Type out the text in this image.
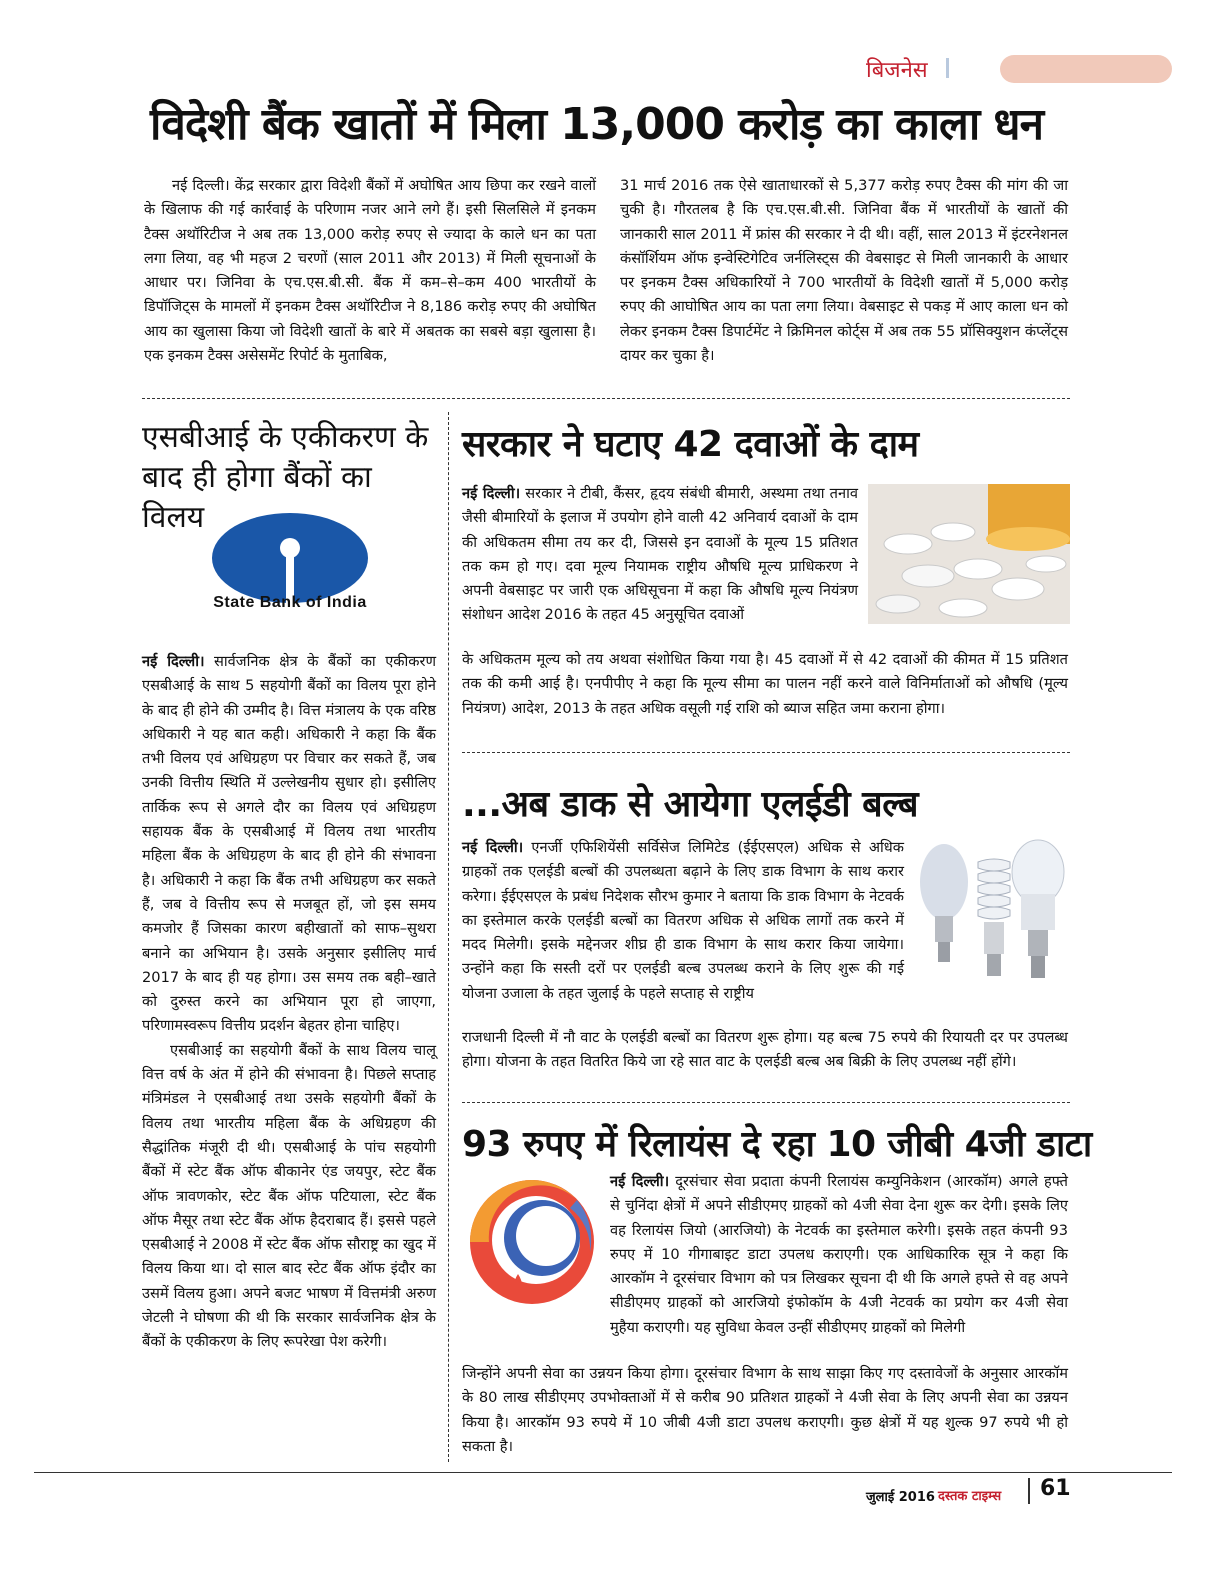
बिजनेस
विदेशी बैंक खातों में मिला 13,000 करोड़ का काला धन

नई दिल्ली। केंद्र सरकार द्वारा विदेशी बैंकों में अघोषित आय छिपा कर रखने वालों के खिलाफ की गई कार्रवाई के परिणाम नजर आने लगे हैं। इसी सिलसिले में इनकम टैक्स अथॉरिटीज ने अब तक 13,000 करोड़ रुपए से ज्यादा के काले धन का पता लगा लिया, वह भी महज 2 चरणों (साल 2011 और 2013) में मिली सूचनाओं के आधार पर। जिनिवा के एच.एस.बी.सी. बैंक में कम–से–कम 400 भारतीयों के डिपॉजिट्स के मामलों में इनकम टैक्स अथॉरिटीज ने 8,186 करोड़ रुपए की अघोषित आय का खुलासा किया जो विदेशी खातों के बारे में अबतक का सबसे बड़ा खुलासा है। एक इनकम टैक्स असेसमेंट रिपोर्ट के मुताबिक,

31 मार्च 2016 तक ऐसे खाताधारकों से 5,377 करोड़ रुपए टैक्स की मांग की जा चुकी है। गौरतलब है कि एच.एस.बी.सी. जिनिवा बैंक में भारतीयों के खातों की जानकारी साल 2011 में फ्रांस की सरकार ने दी थी। वहीं, साल 2013 में इंटरनेशनल कंसॉर्शियम ऑफ इन्वेस्टिगेटिव जर्नलिस्ट्स की वेबसाइट से मिली जानकारी के आधार पर इनकम टैक्स अधिकारियों ने 700 भारतीयों के विदेशी खातों में 5,000 करोड़ रुपए की आघोषित आय का पता लगा लिया। वेबसाइट से पकड़ में आए काला धन को लेकर इनकम टैक्स डिपार्टमेंट ने क्रिमिनल कोर्ट्स में अब तक 55 प्रॉसिक्युशन कंप्लेंट्स दायर कर चुका है।

एसबीआई के एकीकरण के बाद ही होगा बैंकों का विलय
State Bank of India

नई दिल्ली। सार्वजनिक क्षेत्र के बैंकों का एकीकरण एसबीआई के साथ 5 सहयोगी बैंकों का विलय पूरा होने के बाद ही होने की उम्मीद है। वित्त मंत्रालय के एक वरिष्ठ अधिकारी ने यह बात कही। अधिकारी ने कहा कि बैंक तभी विलय एवं अधिग्रहण पर विचार कर सकते हैं, जब उनकी वित्तीय स्थिति में उल्लेखनीय सुधार हो। इसीलिए तार्किक रूप से अगले दौर का विलय एवं अधिग्रहण सहायक बैंक के एसबीआई में विलय तथा भारतीय महिला बैंक के अधिग्रहण के बाद ही होने की संभावना है। अधिकारी ने कहा कि बैंक तभी अधिग्रहण कर सकते हैं, जब वे वित्तीय रूप से मजबूत हों, जो इस समय कमजोर हैं जिसका कारण बहीखातों को साफ–सुथरा बनाने का अभियान है। उसके अनुसार इसीलिए मार्च 2017 के बाद ही यह होगा। उस समय तक बही–खाते को दुरुस्त करने का अभियान पूरा हो जाएगा, परिणामस्वरूप वित्तीय प्रदर्शन बेहतर होना चाहिए।

एसबीआई का सहयोगी बैंकों के साथ विलय चालू वित्त वर्ष के अंत में होने की संभावना है। पिछले सप्ताह मंत्रिमंडल ने एसबीआई तथा उसके सहयोगी बैंकों के विलय तथा भारतीय महिला बैंक के अधिग्रहण की सैद्धांतिक मंजूरी दी थी। एसबीआई के पांच सहयोगी बैंकों में स्टेट बैंक ऑफ बीकानेर एंड जयपुर, स्टेट बैंक ऑफ त्रावणकोर, स्टेट बैंक ऑफ पटियाला, स्टेट बैंक ऑफ मैसूर तथा स्टेट बैंक ऑफ हैदराबाद हैं। इससे पहले एसबीआई ने 2008 में स्टेट बैंक ऑफ सौराष्ट्र का खुद में विलय किया था। दो साल बाद स्टेट बैंक ऑफ इंदौर का उसमें विलय हुआ। अपने बजट भाषण में वित्तमंत्री अरुण जेटली ने घोषणा की थी कि सरकार सार्वजनिक क्षेत्र के बैंकों के एकीकरण के लिए रूपरेखा पेश करेगी।

सरकार ने घटाए 42 दवाओं के दाम

नई दिल्ली। सरकार ने टीबी, कैंसर, हृदय संबंधी बीमारी, अस्थमा तथा तनाव जैसी बीमारियों के इलाज में उपयोग होने वाली 42 अनिवार्य दवाओं के दाम की अधिकतम सीमा तय कर दी, जिससे इन दवाओं के मूल्य 15 प्रतिशत तक कम हो गए। दवा मूल्य नियामक राष्ट्रीय औषधि मूल्य प्राधिकरण ने अपनी वेबसाइट पर जारी एक अधिसूचना में कहा कि औषधि मूल्य नियंत्रण संशोधन आदेश 2016 के तहत 45 अनुसूचित दवाओं

के अधिकतम मूल्य को तय अथवा संशोधित किया गया है। 45 दवाओं में से 42 दवाओं की कीमत में 15 प्रतिशत तक की कमी आई है। एनपीपीए ने कहा कि मूल्य सीमा का पालन नहीं करने वाले विनिर्माताओं को औषधि (मूल्य नियंत्रण) आदेश, 2013 के तहत अधिक वसूली गई राशि को ब्याज सहित जमा कराना होगा।

...अब डाक से आयेगा एलईडी बल्ब

नई दिल्ली। एनर्जी एफिशियेंसी सर्विसेज लिमिटेड (ईईएसएल) अधिक से अधिक ग्राहकों तक एलईडी बल्बों की उपलब्धता बढ़ाने के लिए डाक विभाग के साथ करार करेगा। ईईएसएल के प्रबंध निदेशक सौरभ कुमार ने बताया कि डाक विभाग के नेटवर्क का इस्तेमाल करके एलईडी बल्बों का वितरण अधिक से अधिक लागों तक करने में मदद मिलेगी। इसके मद्देनजर शीघ्र ही डाक विभाग के साथ करार किया जायेगा। उन्होंने कहा कि सस्ती दरों पर एलईडी बल्ब उपलब्ध कराने के लिए शुरू की गई योजना उजाला के तहत जुलाई के पहले सप्ताह से राष्ट्रीय

राजधानी दिल्ली में नौ वाट के एलईडी बल्बों का वितरण शुरू होगा। यह बल्ब 75 रुपये की रियायती दर पर उपलब्ध होगा। योजना के तहत वितरित किये जा रहे सात वाट के एलईडी बल्ब अब बिक्री के लिए उपलब्ध नहीं होंगे।

93 रुपए में रिलायंस दे रहा 10 जीबी 4जी डाटा

नई दिल्ली। दूरसंचार सेवा प्रदाता कंपनी रिलायंस कम्युनिकेशन (आरकॉम) अगले हफ्ते से चुनिंदा क्षेत्रों में अपने सीडीएमए ग्राहकों को 4जी सेवा देना शुरू कर देगी। इसके लिए वह रिलायंस जियो (आरजियो) के नेटवर्क का इस्तेमाल करेगी। इसके तहत कंपनी 93 रुपए में 10 गीगाबाइट डाटा उपलध कराएगी। एक आधिकारिक सूत्र ने कहा कि आरकॉम ने दूरसंचार विभाग को पत्र लिखकर सूचना दी थी कि अगले हफ्ते से वह अपने सीडीएमए ग्राहकों को आरजियो इंफोकॉम के 4जी नेटवर्क का प्रयोग कर 4जी सेवा मुहैया कराएगी। यह सुविधा केवल उन्हीं सीडीएमए ग्राहकों को मिलेगी

जिन्होंने अपनी सेवा का उन्नयन किया होगा। दूरसंचार विभाग के साथ साझा किए गए दस्तावेजों के अनुसार आरकॉम के 80 लाख सीडीएमए उपभोक्ताओं में से करीब 90 प्रतिशत ग्राहकों ने 4जी सेवा के लिए अपनी सेवा का उन्नयन किया है। आरकॉम 93 रुपये में 10 जीबी 4जी डाटा उपलध कराएगी। कुछ क्षेत्रों में यह शुल्क 97 रुपये भी हो सकता है।

जुलाई 2016 दस्तक टाइम्स 61
